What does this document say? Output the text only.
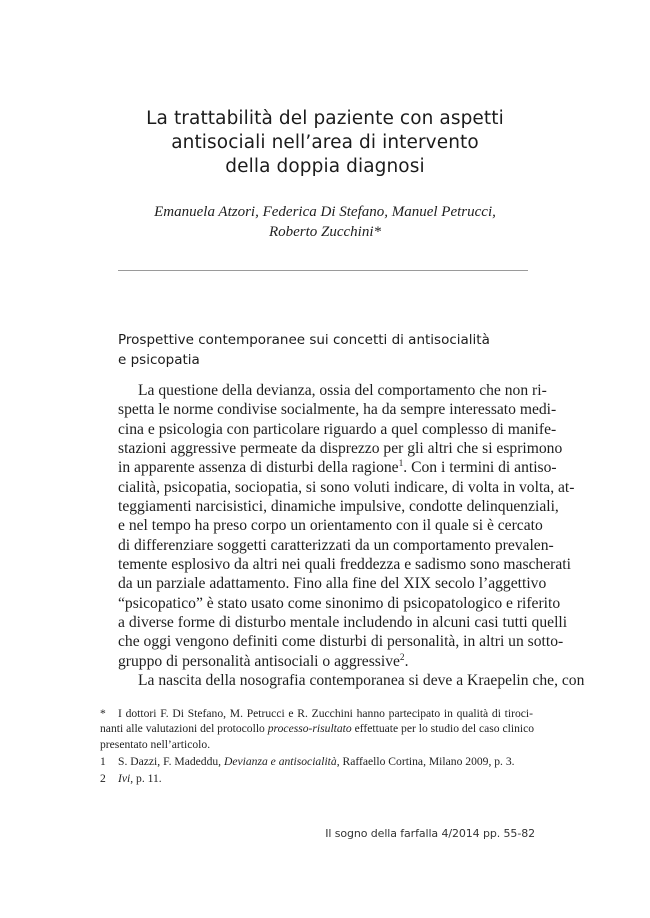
La trattabilità del paziente con aspetti
antisociali nell’area di intervento
della doppia diagnosi
Emanuela Atzori, Federica Di Stefano, Manuel Petrucci,
Roberto Zucchini*
Prospettive contemporanee sui concetti di antisocialità
e psicopatia
La questione della devianza, ossia del comportamento che non ri-
spetta le norme condivise socialmente, ha da sempre interessato medi-
cina e psicologia con particolare riguardo a quel complesso di manife-
stazioni aggressive permeate da disprezzo per gli altri che si esprimono
in apparente assenza di disturbi della ragione$^1$. Con i termini di antiso-
cialità, psicopatia, sociopatia, si sono voluti indicare, di volta in volta, at-
teggiamenti narcisistici, dinamiche impulsive, condotte delinquenziali,
e nel tempo ha preso corpo un orientamento con il quale si è cercato
di differenziare soggetti caratterizzati da un comportamento prevalen-
temente esplosivo da altri nei quali freddezza e sadismo sono mascherati
da un parziale adattamento. Fino alla fine del XIX secolo l’aggettivo
“psicopatico” è stato usato come sinonimo di psicopatologico e riferito
a diverse forme di disturbo mentale includendo in alcuni casi tutti quelli
che oggi vengono definiti come disturbi di personalità, in altri un sotto-
gruppo di personalità antisociali o aggressive$^2$.
La nascita della nosografia contemporanea si deve a Kraepelin che, con
* I dottori F. Di Stefano, M. Petrucci e R. Zucchini hanno partecipato in qualità di tiroci-
nanti alle valutazioni del protocollo processo-risultato effettuate per lo studio del caso clinico
presentato nell’articolo.
1 S. Dazzi, F. Madeddu, Devianza e antisocialità, Raffaello Cortina, Milano 2009, p. 3.
2 Ivi, p. 11.
Il sogno della farfalla 4/2014 pp. 55-82
